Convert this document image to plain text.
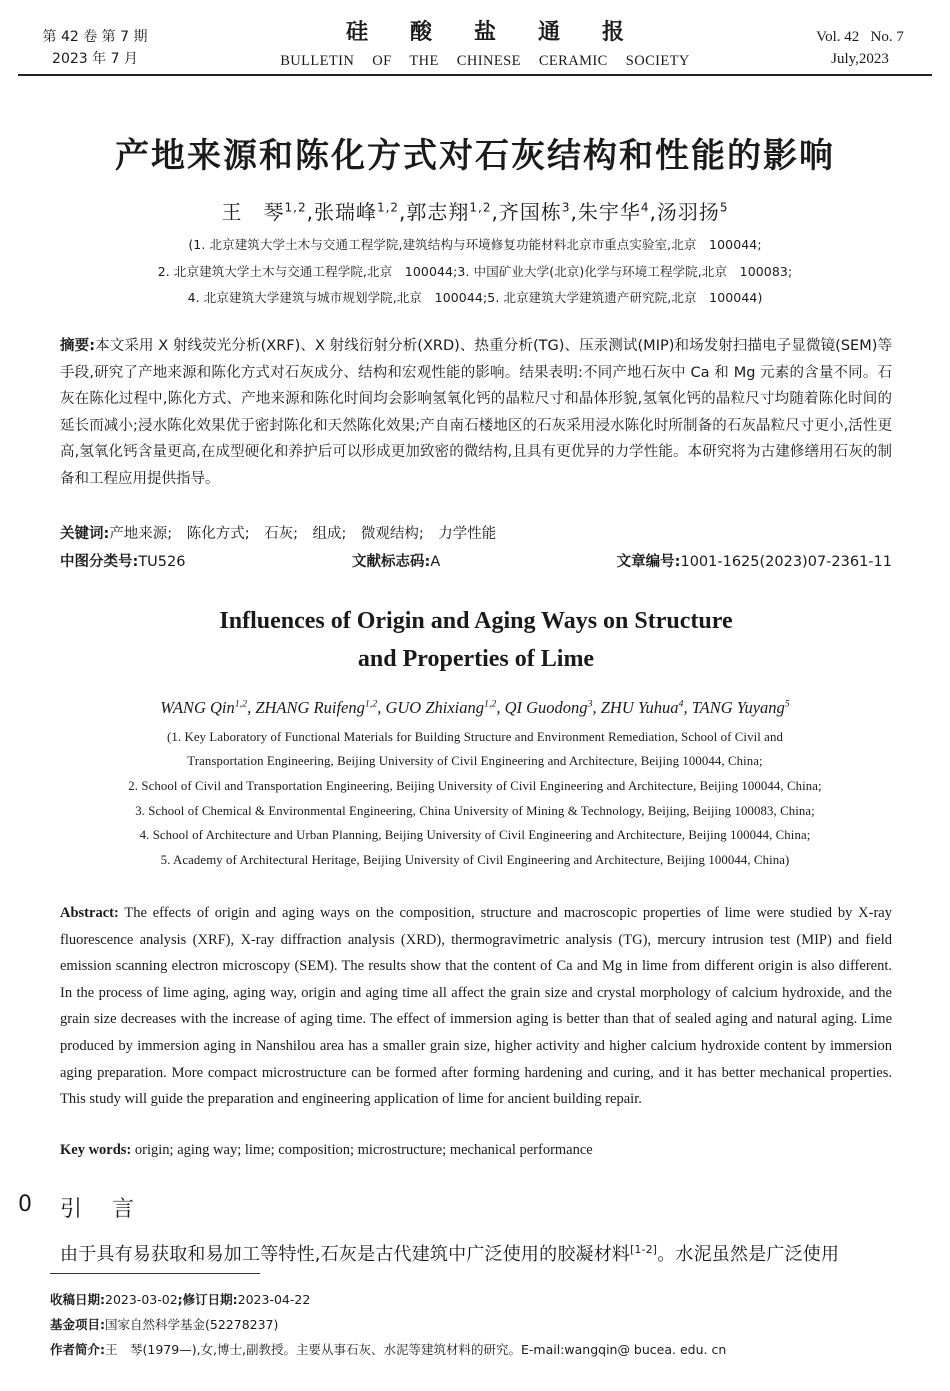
第 42 卷 第 7 期
2023 年 7 月
硅酸盐通报
BULLETIN OF THE CHINESE CERAMIC SOCIETY
Vol. 42   No. 7
July,2023
产地来源和陈化方式对石灰结构和性能的影响
王　琴$^{1,2}$,张瑞峰$^{1,2}$,郭志翔$^{1,2}$,齐国栋$^3$,朱宇华$^4$,汤羽扬$^5$
(1. 北京建筑大学土木与交通工程学院,建筑结构与环境修复功能材料北京市重点实验室,北京　100044;
2. 北京建筑大学土木与交通工程学院,北京　100044;3. 中国矿业大学(北京)化学与环境工程学院,北京　100083;
4. 北京建筑大学建筑与城市规划学院,北京　100044;5. 北京建筑大学建筑遗产研究院,北京　100044)
摘要:本文采用 X 射线荧光分析(XRF)、X 射线衍射分析(XRD)、热重分析(TG)、压汞测试(MIP)和场发射扫描电子显微镜(SEM)等手段,研究了产地来源和陈化方式对石灰成分、结构和宏观性能的影响。结果表明:不同产地石灰中 Ca 和 Mg 元素的含量不同。石灰在陈化过程中,陈化方式、产地来源和陈化时间均会影响氢氧化钙的晶粒尺寸和晶体形貌,氢氧化钙的晶粒尺寸均随着陈化时间的延长而减小;浸水陈化效果优于密封陈化和天然陈化效果;产自南石楼地区的石灰采用浸水陈化时所制备的石灰晶粒尺寸更小,活性更高,氢氧化钙含量更高,在成型硬化和养护后可以形成更加致密的微结构,且具有更优异的力学性能。本研究将为古建修缮用石灰的制备和工程应用提供指导。
关键词:产地来源;　陈化方式;　石灰;　组成;　微观结构;　力学性能
中图分类号:TU526	文献标志码:A	文章编号:1001-1625(2023)07-2361-11
Influences of Origin and Aging Ways on Structure
and Properties of Lime
WANG Qin$^{1,2}$, ZHANG Ruifeng$^{1,2}$, GUO Zhixiang$^{1,2}$, QI Guodong$^3$, ZHU Yuhua$^4$, TANG Yuyang$^5$
(1. Key Laboratory of Functional Materials for Building Structure and Environment Remediation, School of Civil and
Transportation Engineering, Beijing University of Civil Engineering and Architecture, Beijing 100044, China;
2. School of Civil and Transportation Engineering, Beijing University of Civil Engineering and Architecture, Beijing 100044, China;
3. School of Chemical & Environmental Engineering, China University of Mining & Technology, Beijing, Beijing 100083, China;
4. School of Architecture and Urban Planning, Beijing University of Civil Engineering and Architecture, Beijing 100044, China;
5. Academy of Architectural Heritage, Beijing University of Civil Engineering and Architecture, Beijing 100044, China)
Abstract: The effects of origin and aging ways on the composition, structure and macroscopic properties of lime were studied by X-ray fluorescence analysis (XRF), X-ray diffraction analysis (XRD), thermogravimetric analysis (TG), mercury intrusion test (MIP) and field emission scanning electron microscopy (SEM). The results show that the content of Ca and Mg in lime from different origin is also different. In the process of lime aging, aging way, origin and aging time all affect the grain size and crystal morphology of calcium hydroxide, and the grain size decreases with the increase of aging time. The effect of immersion aging is better than that of sealed aging and natural aging. Lime produced by immersion aging in Nanshilou area has a smaller grain size, higher activity and higher calcium hydroxide content by immersion aging preparation. More compact microstructure can be formed after forming hardening and curing, and it has better mechanical properties. This study will guide the preparation and engineering application of lime for ancient building repair.
Key words: origin; aging way; lime; composition; microstructure; mechanical performance
0 引言
由于具有易获取和易加工等特性,石灰是古代建筑中广泛使用的胶凝材料[1-2]。水泥虽然是广泛使用
收稿日期:2023-03-02;修订日期:2023-04-22
基金项目:国家自然科学基金(52278237)
作者简介:王　琴(1979—),女,博士,副教授。主要从事石灰、水泥等建筑材料的研究。E-mail:wangqin@ bucea. edu. cn
